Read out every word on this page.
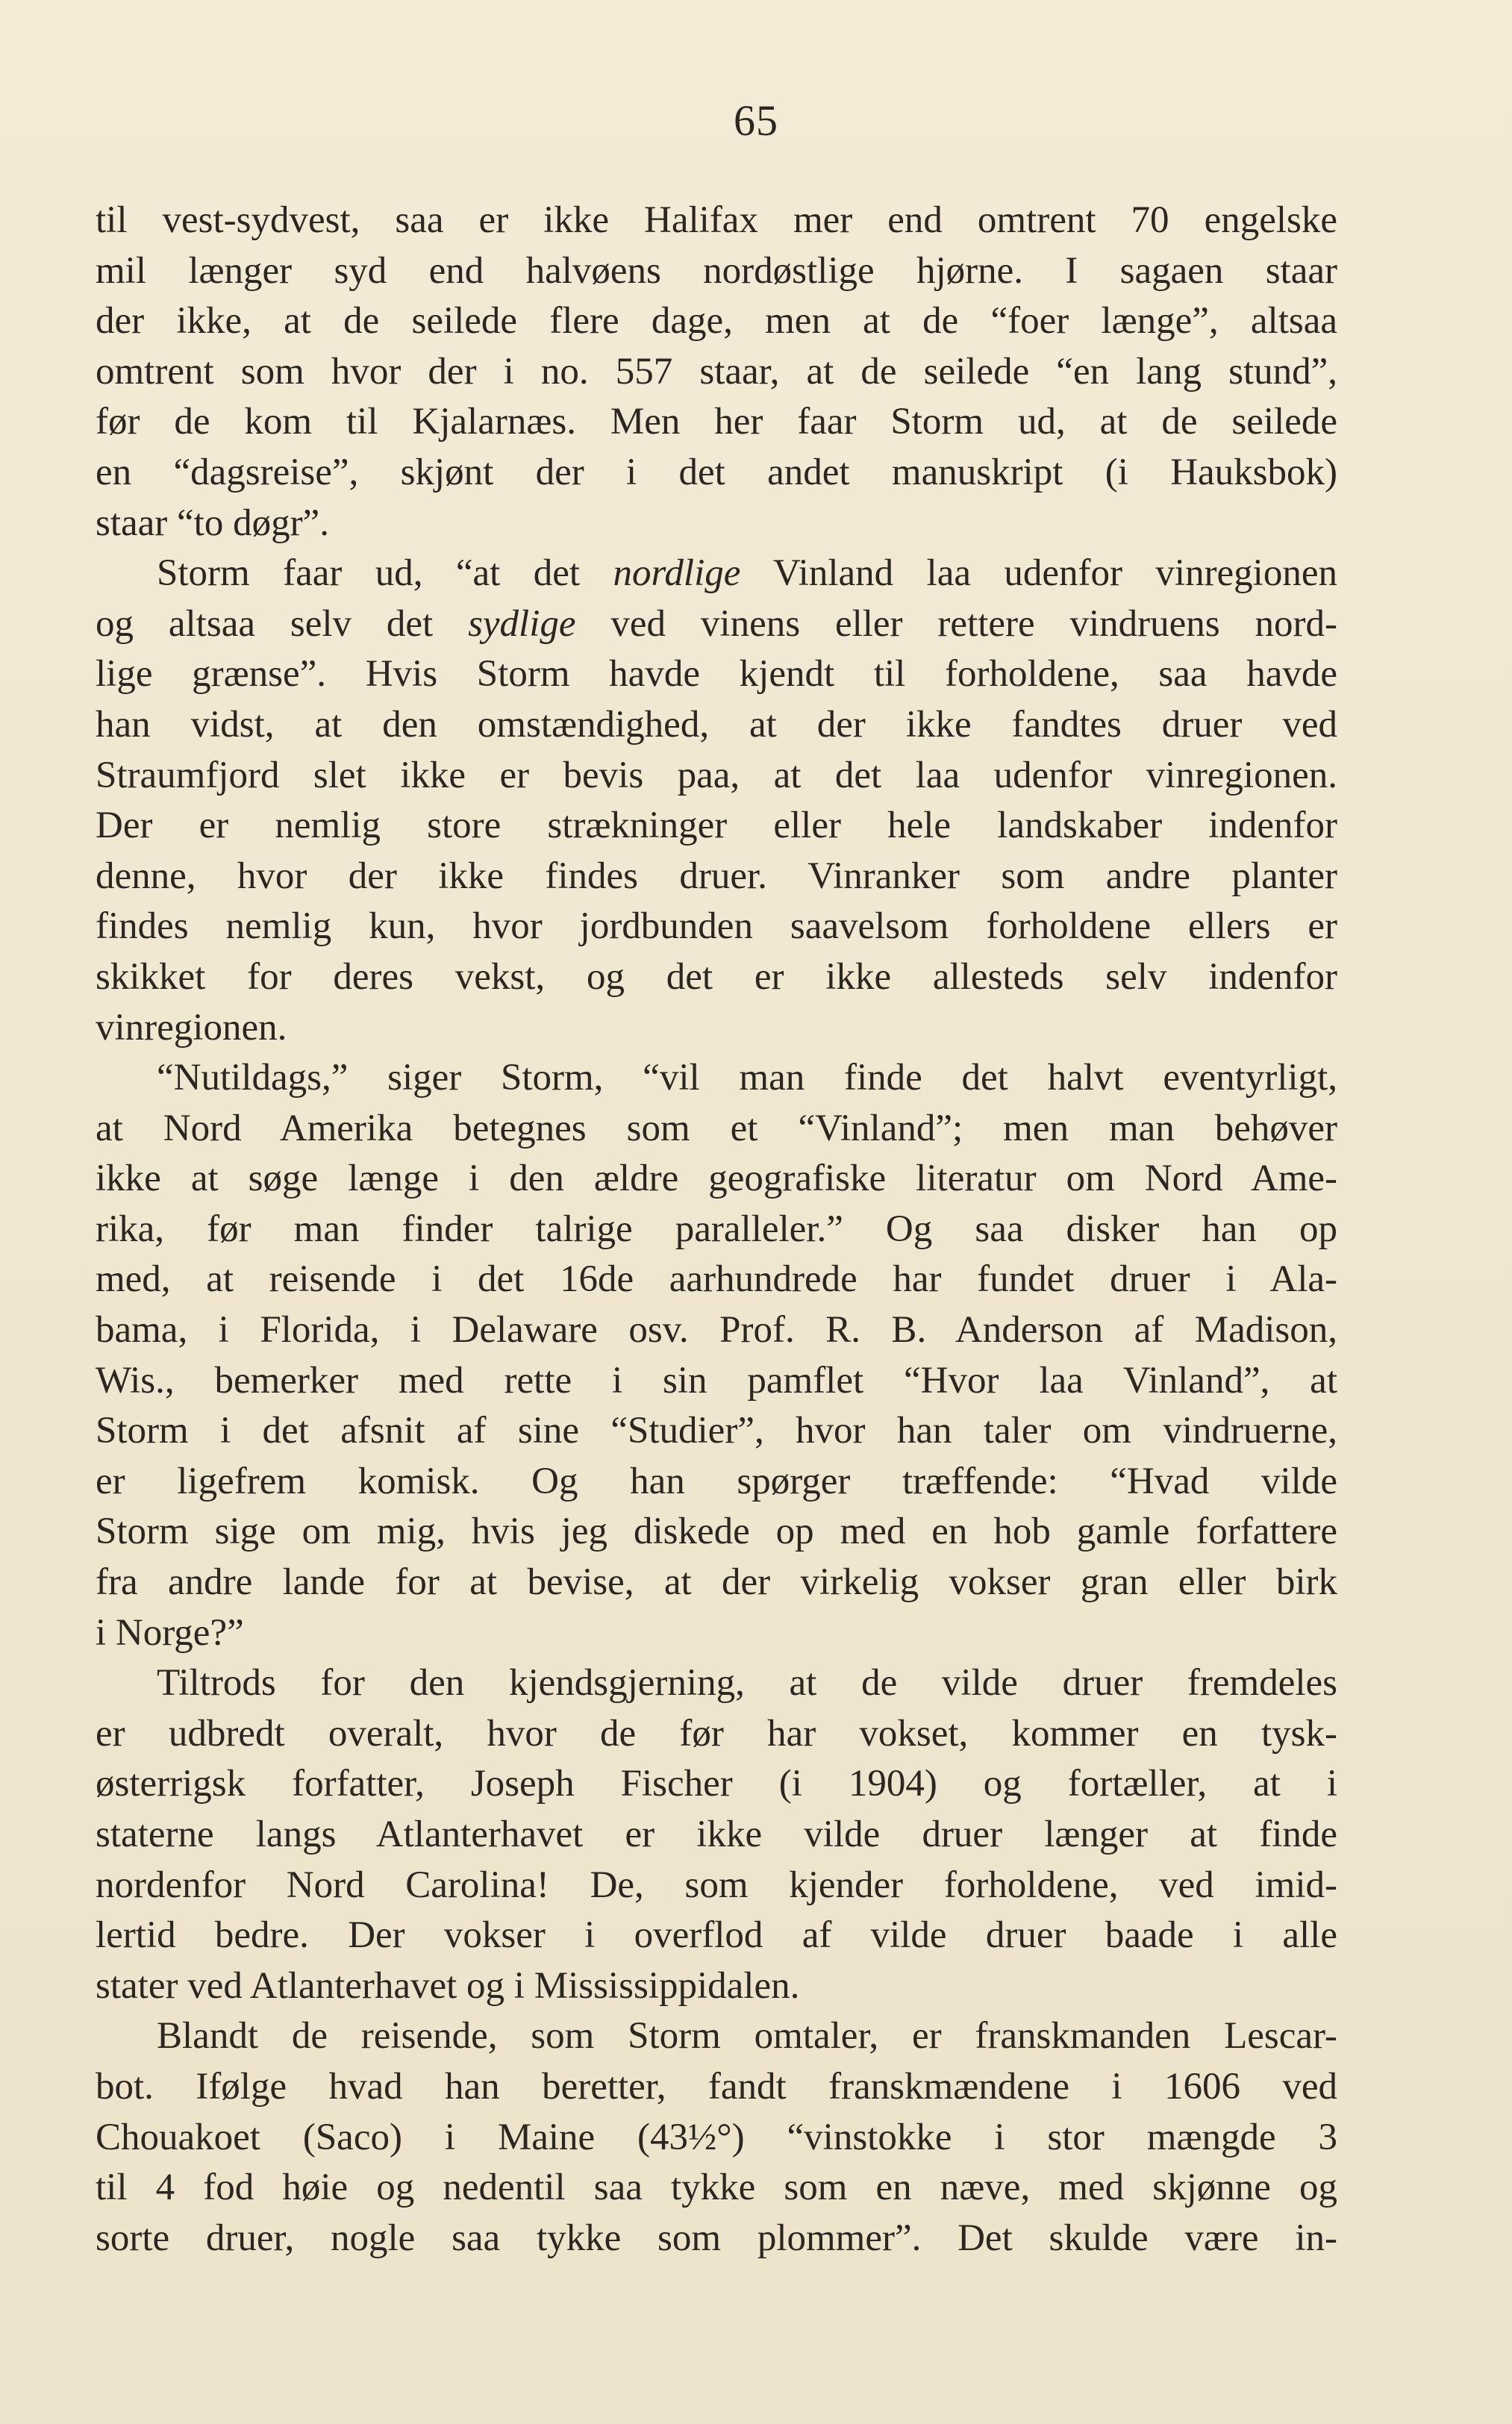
65
til vest-sydvest, saa er ikke Halifax mer end omtrent 70 engelske
mil længer syd end halvøens nordøstlige hjørne. I sagaen staar
der ikke, at de seilede flere dage, men at de “foer længe”, altsaa
omtrent som hvor der i no. 557 staar, at de seilede “en lang stund”,
før de kom til Kjalarnæs. Men her faar Storm ud, at de seilede
en “dagsreise”, skjønt der i det andet manuskript (i Hauksbok)
staar “to døgr”.
Storm faar ud, “at det nordlige Vinland laa udenfor vinregionen
og altsaa selv det sydlige ved vinens eller rettere vindruens nord-
lige grænse”. Hvis Storm havde kjendt til forholdene, saa havde
han vidst, at den omstændighed, at der ikke fandtes druer ved
Straumfjord slet ikke er bevis paa, at det laa udenfor vinregionen.
Der er nemlig store strækninger eller hele landskaber indenfor
denne, hvor der ikke findes druer. Vinranker som andre planter
findes nemlig kun, hvor jordbunden saavelsom forholdene ellers er
skikket for deres vekst, og det er ikke allesteds selv indenfor
vinregionen.
“Nutildags,” siger Storm, “vil man finde det halvt eventyrligt,
at Nord Amerika betegnes som et “Vinland”; men man behøver
ikke at søge længe i den ældre geografiske literatur om Nord Ame-
rika, før man finder talrige paralleler.” Og saa disker han op
med, at reisende i det 16de aarhundrede har fundet druer i Ala-
bama, i Florida, i Delaware osv. Prof. R. B. Anderson af Madison,
Wis., bemerker med rette i sin pamflet “Hvor laa Vinland”, at
Storm i det afsnit af sine “Studier”, hvor han taler om vindruerne,
er ligefrem komisk. Og han spørger træffende: “Hvad vilde
Storm sige om mig, hvis jeg diskede op med en hob gamle forfattere
fra andre lande for at bevise, at der virkelig vokser gran eller birk
i Norge?”
Tiltrods for den kjendsgjerning, at de vilde druer fremdeles
er udbredt overalt, hvor de før har vokset, kommer en tysk-
østerrigsk forfatter, Joseph Fischer (i 1904) og fortæller, at i
staterne langs Atlanterhavet er ikke vilde druer længer at finde
nordenfor Nord Carolina! De, som kjender forholdene, ved imid-
lertid bedre. Der vokser i overflod af vilde druer baade i alle
stater ved Atlanterhavet og i Mississippidalen.
Blandt de reisende, som Storm omtaler, er franskmanden Lescar-
bot. Ifølge hvad han beretter, fandt franskmændene i 1606 ved
Chouakoet (Saco) i Maine (43½°) “vinstokke i stor mængde 3
til 4 fod høie og nedentil saa tykke som en næve, med skjønne og
sorte druer, nogle saa tykke som plommer”. Det skulde være in-
